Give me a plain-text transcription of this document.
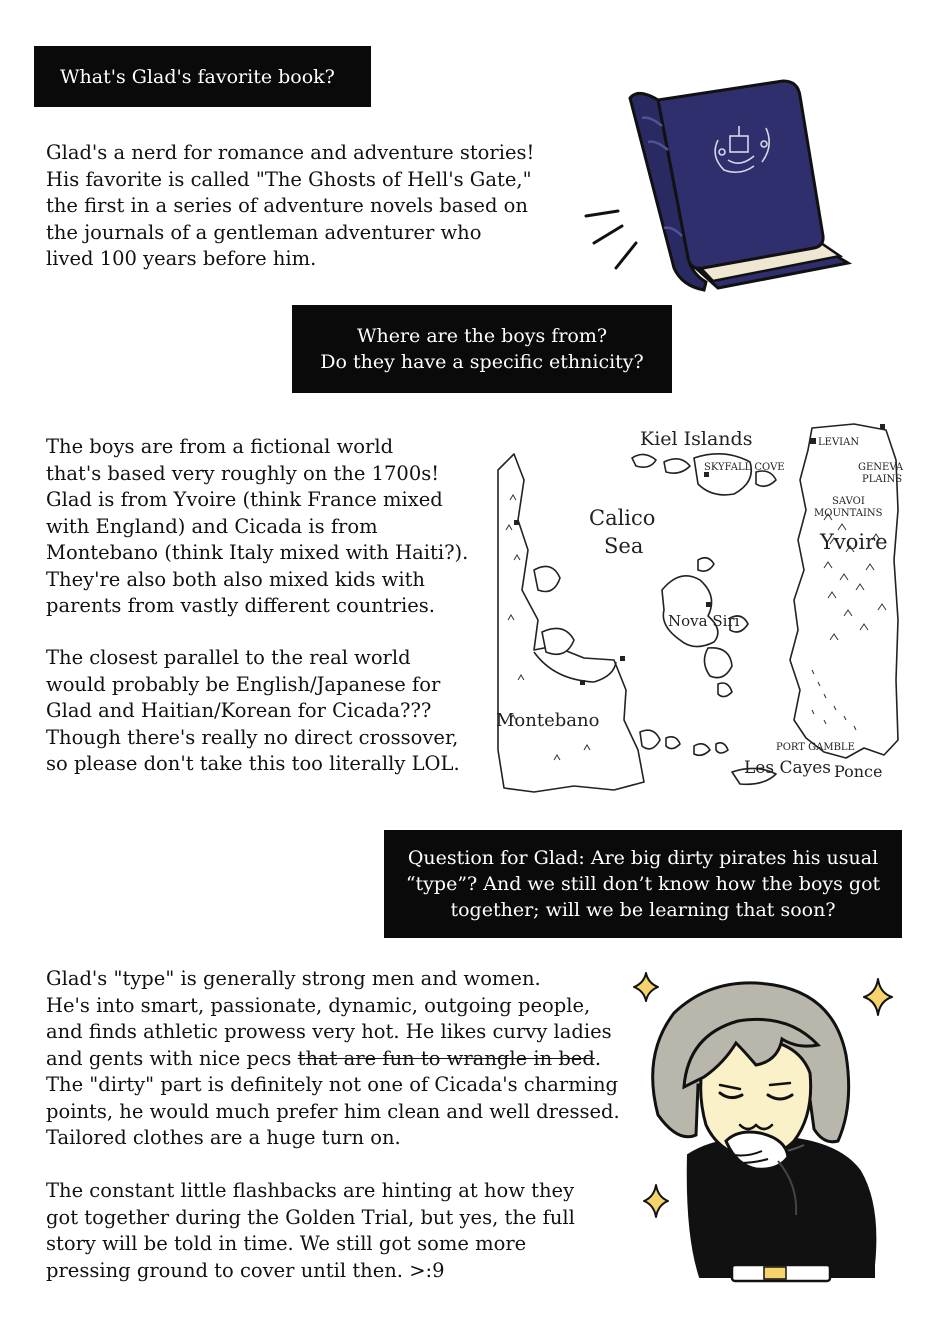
What's Glad's favorite book?
Glad's a nerd for romance and adventure stories!
His favorite is called "The Ghosts of Hell's Gate,"
the first in a series of adventure novels based on
the journals of a gentleman adventurer who
lived 100 years before him.
Where are the boys from?
Do they have a specific ethnicity?
The boys are from a fictional world
that's based very roughly on the 1700s!
Glad is from Yvoire (think France mixed
with England) and Cicada is from
Montebano (think Italy mixed with Haiti?).
They're also both also mixed kids with
parents from vastly different countries.
The closest parallel to the real world
would probably be English/Japanese for
Glad and Haitian/Korean for Cicada???
Though there's really no direct crossover,
so please don't take this too literally LOL.
Kiel Islands
SKYFALL COVE
Calico
Sea
LEVIAN
GENEVA
PLAINS
SAVOI
MOUNTAINS
Yvoire
Nova Siri
Montebano
PORT GAMBLE
Les Cayes Ponce
Question for Glad: Are big dirty pirates his usual
“type”? And we still don’t know how the boys got
together; will we be learning that soon?
Glad's "type" is generally strong men and women.
He's into smart, passionate, dynamic, outgoing people,
and finds athletic prowess very hot. He likes curvy ladies
and gents with nice pecs that are fun to wrangle in bed.
The "dirty" part is definitely not one of Cicada's charming
points, he would much prefer him clean and well dressed.
Tailored clothes are a huge turn on.
The constant little flashbacks are hinting at how they
got together during the Golden Trial, but yes, the full
story will be told in time. We still got some more
pressing ground to cover until then. >:9
